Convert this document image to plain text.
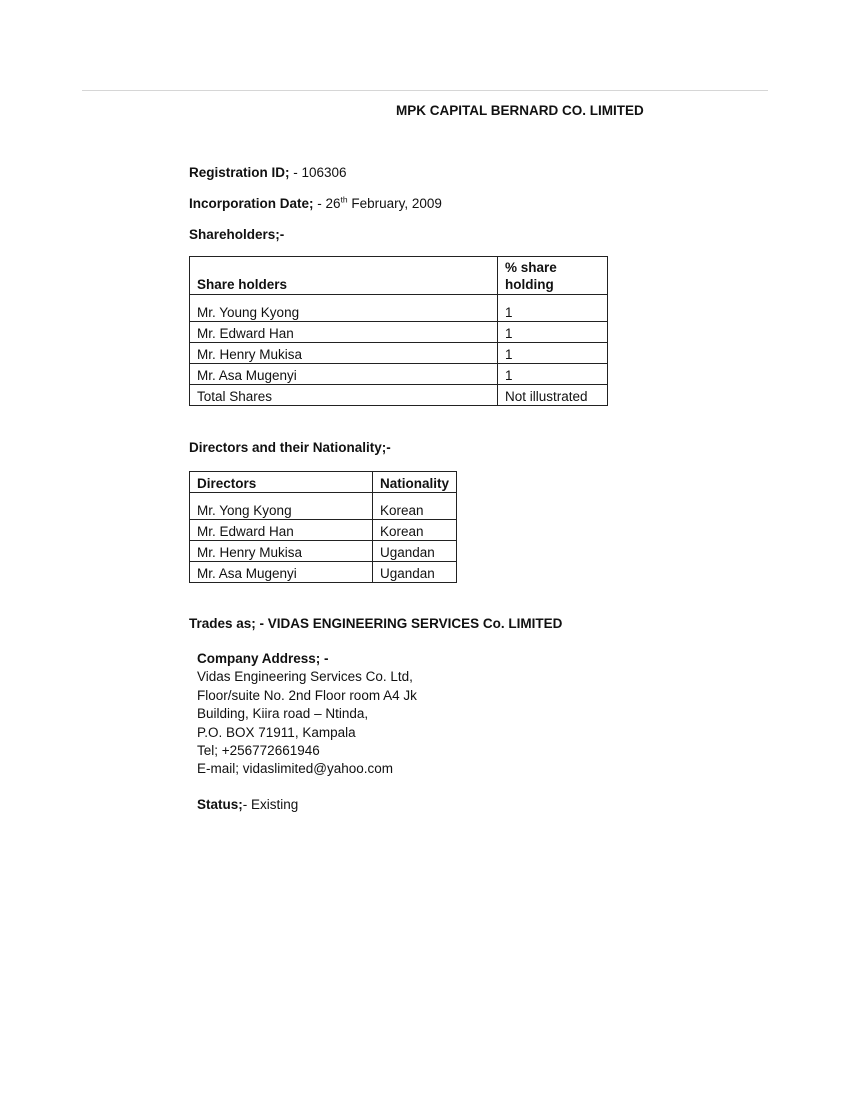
MPK CAPITAL BERNARD CO. LIMITED
Registration ID; - 106306
Incorporation Date; - 26th February, 2009
Shareholders;-
Share holders	% share
holding

Mr. Young Kyong	1
Mr. Edward Han	1
Mr. Henry Mukisa	1
Mr. Asa Mugenyi	1
Total Shares	Not illustrated
Directors and their Nationality;-
Directors	Nationality
Mr. Yong Kyong	Korean
Mr. Edward Han	Korean
Mr. Henry Mukisa	Ugandan
Mr. Asa Mugenyi	Ugandan
Trades as; - VIDAS ENGINEERING SERVICES Co. LIMITED
Company Address; -
Vidas Engineering Services Co. Ltd,
Floor/suite No. 2nd Floor room A4 Jk
Building, Kiira road – Ntinda,
P.O. BOX 71911, Kampala
Tel; +256772661946
E-mail; vidaslimited@yahoo.com
Status;- Existing
